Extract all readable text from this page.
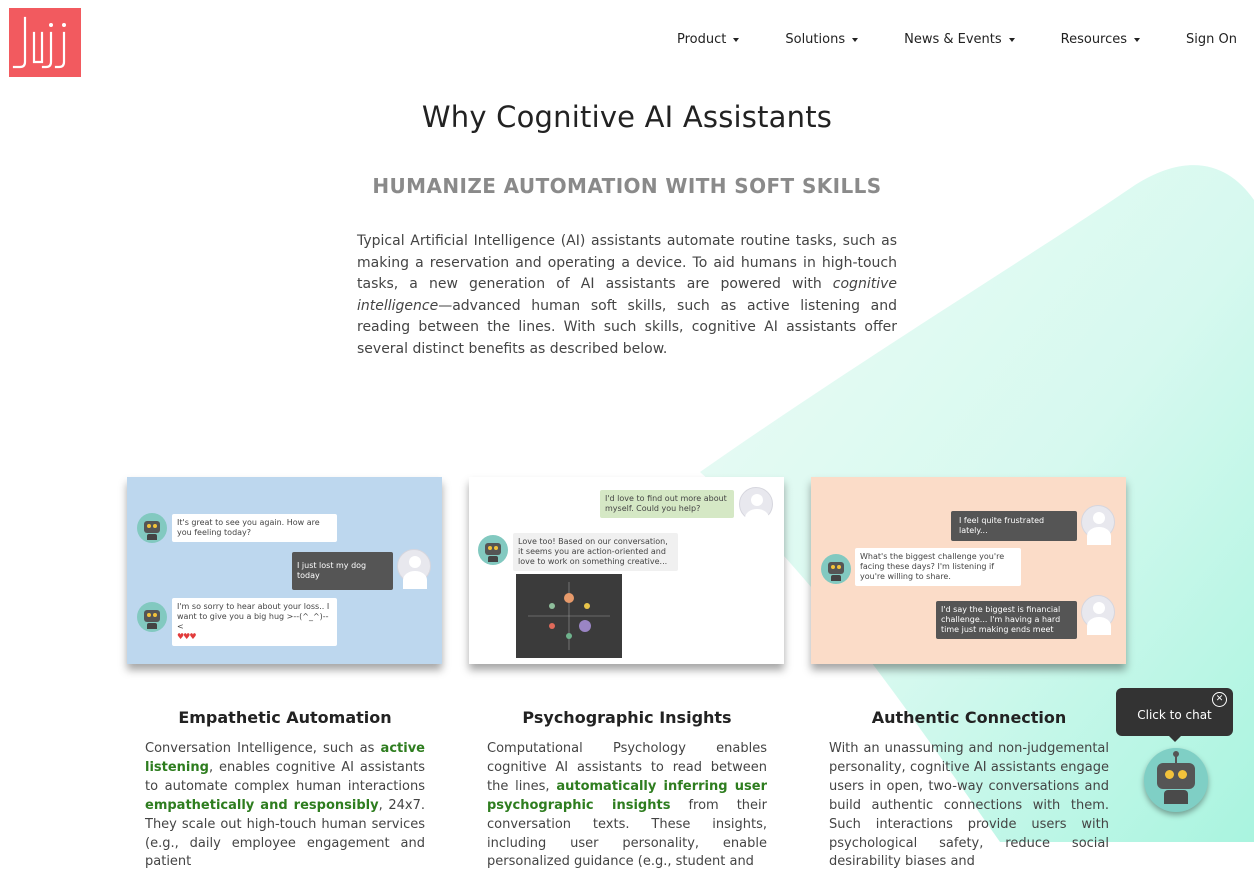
Product	Solutions	News & Events	Resources	Sign On
Why Cognitive AI Assistants
HUMANIZE AUTOMATION WITH SOFT SKILLS

Typical Artificial Intelligence (AI) assistants automate routine tasks, such as making a reservation and operating a device. To aid humans in high-touch tasks, a new generation of AI assistants are powered with cognitive intelligence—advanced human soft skills, such as active listening and reading between the lines. With such skills, cognitive AI assistants offer several distinct benefits as described below.

It's great to see you again. How are you feeling today?
I just lost my dog today
I'm so sorry to hear about your loss.. I want to give you a big hug >--(^_^)--<
♥♥♥
I'd love to find out more about myself. Could you help?
Love too! Based on our conversation, it seems you are action-oriented and love to work on something creative...
I feel quite frustrated lately...
What's the biggest challenge you're facing these days? I'm listening if you're willing to share.
I'd say the biggest is financial challenge... I'm having a hard time just making ends meet
Empathetic Automation	Psychographic Insights	Authentic Connection

Conversation Intelligence, such as active listening, enables cognitive AI assistants to automate complex human interactions empathetically and responsibly, 24x7. They scale out high-touch human services (e.g., daily employee engagement and patient

Computational Psychology enables cognitive AI assistants to read between the lines, automatically inferring user psychographic insights from their conversation texts. These insights, including user personality, enable personalized guidance (e.g., student and

With an unassuming and non-judgemental personality, cognitive AI assistants engage users in open, two-way conversations and build authentic connections with them. Such interactions provide users with psychological safety, reduce social desirability biases and

Click to chat
✕
